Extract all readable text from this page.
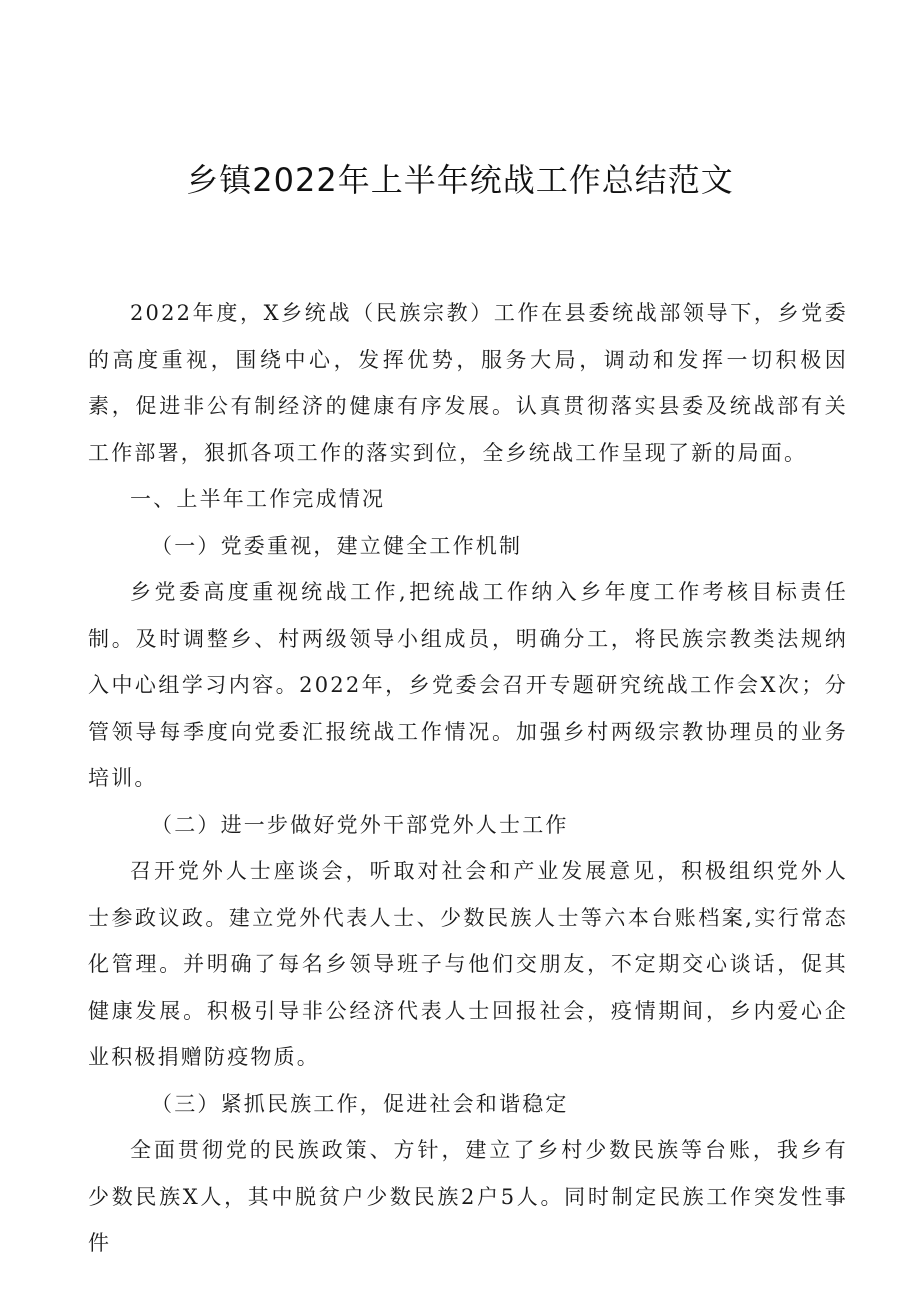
乡镇2022年上半年统战工作总结范文

2022年度，X乡统战（民族宗教）工作在县委统战部领导下，乡党委的高度重视，围绕中心，发挥优势，服务大局，调动和发挥一切积极因素，促进非公有制经济的健康有序发展。认真贯彻落实县委及统战部有关工作部署，狠抓各项工作的落实到位，全乡统战工作呈现了新的局面。

一、上半年工作完成情况

（一）党委重视，建立健全工作机制

乡党委高度重视统战工作,把统战工作纳入乡年度工作考核目标责任制。及时调整乡、村两级领导小组成员，明确分工，将民族宗教类法规纳入中心组学习内容。2022年，乡党委会召开专题研究统战工作会X次；分管领导每季度向党委汇报统战工作情况。加强乡村两级宗教协理员的业务培训。

（二）进一步做好党外干部党外人士工作

召开党外人士座谈会，听取对社会和产业发展意见，积极组织党外人士参政议政。建立党外代表人士、少数民族人士等六本台账档案,实行常态化管理。并明确了每名乡领导班子与他们交朋友，不定期交心谈话，促其健康发展。积极引导非公经济代表人士回报社会，疫情期间，乡内爱心企业积极捐赠防疫物质。

（三）紧抓民族工作，促进社会和谐稳定

全面贯彻党的民族政策、方针，建立了乡村少数民族等台账，我乡有少数民族X人，其中脱贫户少数民族2户5人。同时制定民族工作突发性事件
